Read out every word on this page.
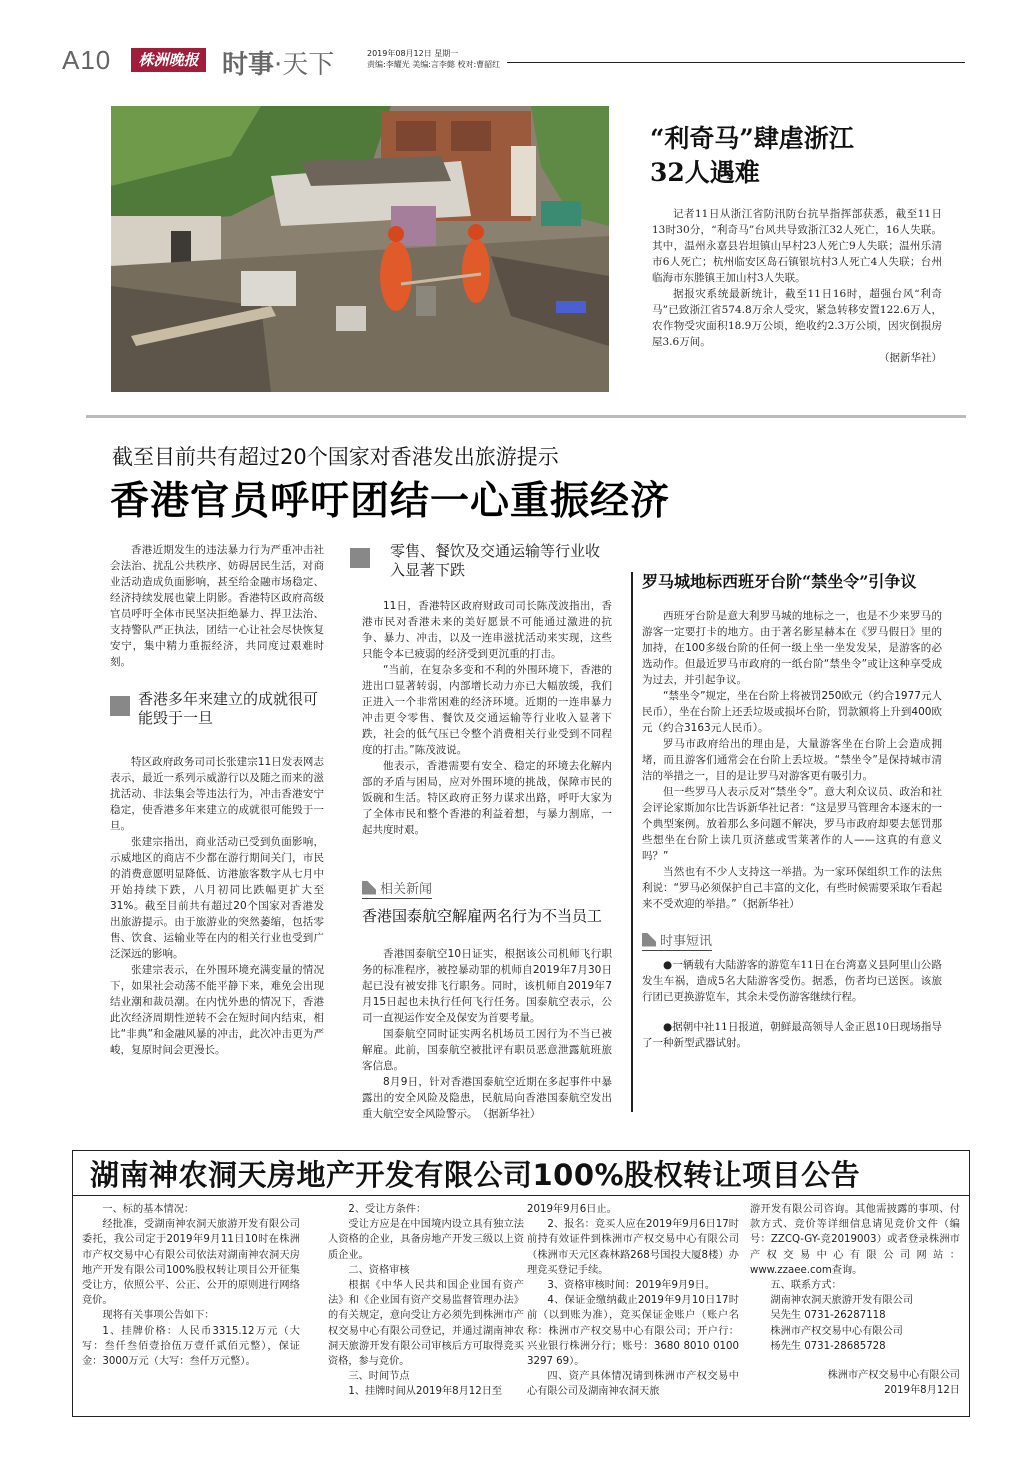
A10	株洲晚报 时事·天下	2019年08月12日 星期一
责编:李耀光 美编:言李懿 校对:曹韶红
“利奇马”肆虐浙江
32人遇难

记者11日从浙江省防汛防台抗旱指挥部获悉，截至11日13时30分，“利奇马”台风共导致浙江32人死亡，16人失联。其中，温州永嘉县岩坦镇山早村23人死亡9人失联；温州乐清市6人死亡；杭州临安区岛石镇银坑村3人死亡4人失联；台州临海市东塍镇王加山村3人失联。

据报灾系统最新统计，截至11日16时，超强台风“利奇马”已致浙江省574.8万余人受灾，紧急转移安置122.6万人，农作物受灾面积18.9万公顷，绝收约2.3万公顷，因灾倒损房屋3.6万间。

（据新华社）
截至目前共有超过20个国家对香港发出旅游提示
香港官员呼吁团结一心重振经济

香港近期发生的违法暴力行为严重冲击社会法治、扰乱公共秩序、妨碍居民生活，对商业活动造成负面影响，甚至给金融市场稳定、经济持续发展也蒙上阴影。香港特区政府高级官员呼吁全体市民坚决拒绝暴力、捍卫法治、支持警队严正执法，团结一心让社会尽快恢复安宁，集中精力重振经济，共同度过艰难时刻。

香港多年来建立的成就很可能毁于一旦

特区政府政务司司长张建宗11日发表网志表示，最近一系列示威游行以及随之而来的滋扰活动、非法集会等违法行为，冲击香港安宁稳定，使香港多年来建立的成就很可能毁于一旦。

张建宗指出，商业活动已受到负面影响，示威地区的商店不少都在游行期间关门，市民的消费意愿明显降低、访港旅客数字从七月中开始持续下跌，八月初同比跌幅更扩大至31%。截至目前共有超过20个国家对香港发出旅游提示。由于旅游业的突然萎缩，包括零售、饮食、运输业等在内的相关行业也受到广泛深远的影响。

张建宗表示，在外围环境充满变量的情况下，如果社会动荡不能平静下来，难免会出现结业潮和裁员潮。在内忧外患的情况下，香港此次经济周期性逆转不会在短时间内结束，相比“非典”和金融风暴的冲击，此次冲击更为严峻，复原时间会更漫长。

零售、餐饮及交通运输等行业收入显著下跌

11日，香港特区政府财政司司长陈茂波指出，香港市民对香港未来的美好愿景不可能通过激进的抗争、暴力、冲击，以及一连串滋扰活动来实现，这些只能令本已疲弱的经济受到更沉重的打击。

“当前，在复杂多变和不利的外围环境下，香港的进出口显著转弱，内部增长动力亦已大幅放缓，我们正进入一个非常困难的经济环境。近期的一连串暴力冲击更令零售、餐饮及交通运输等行业收入显著下跌，社会的低气压已令整个消费相关行业受到不同程度的打击。”陈茂波说。

他表示，香港需要有安全、稳定的环境去化解内部的矛盾与困局，应对外围环境的挑战，保障市民的饭碗和生活。特区政府正努力谋求出路，呼吁大家为了全体市民和整个香港的利益着想，与暴力割席，一起共度时艰。

相关新闻
香港国泰航空解雇两名行为不当员工

香港国泰航空10日证实，根据该公司机师飞行职务的标准程序，被控暴动罪的机师自2019年7月30日起已没有被安排飞行职务。同时，该机师自2019年7月15日起也未执行任何飞行任务。国泰航空表示，公司一直视运作安全及保安为首要考量。

国泰航空同时证实两名机场员工因行为不当已被解雇。此前，国泰航空被批评有职员恶意泄露航班旅客信息。

8月9日，针对香港国泰航空近期在多起事件中暴露出的安全风险及隐患，民航局向香港国泰航空发出重大航空安全风险警示。　（据新华社）

罗马城地标西班牙台阶“禁坐令”引争议

西班牙台阶是意大利罗马城的地标之一，也是不少来罗马的游客一定要打卡的地方。由于著名影星赫本在《罗马假日》里的加持，在100多级台阶的任何一级上坐一坐发发呆，是游客的必选动作。但最近罗马市政府的一纸台阶“禁坐令”或让这种享受成为过去，并引起争议。

“禁坐令”规定，坐在台阶上将被罚250欧元（约合1977元人民币），坐在台阶上还丢垃圾或损坏台阶，罚款额将上升到400欧元（约合3163元人民币）。

罗马市政府给出的理由是，大量游客坐在台阶上会造成拥堵，而且游客们通常会在台阶上丢垃圾。“禁坐令”是保持城市清洁的举措之一，目的是让罗马对游客更有吸引力。

但一些罗马人表示反对“禁坐令”。意大利众议员、政治和社会评论家斯加尔比告诉新华社记者：“这是罗马管理舍本逐末的一个典型案例。放着那么多问题不解决，罗马市政府却要去惩罚那些想坐在台阶上读几页济慈或雪莱著作的人——这真的有意义吗？”

当然也有不少人支持这一举措。为一家环保组织工作的法焦利说：“罗马必须保护自己丰富的文化，有些时候需要采取乍看起来不受欢迎的举措。”（据新华社）

时事短讯

●一辆载有大陆游客的游览车11日在台湾嘉义县阿里山公路发生车祸，造成5名大陆游客受伤。据悉，伤者均已送医。该旅行团已更换游览车，其余未受伤游客继续行程。

●据朝中社11日报道，朝鲜最高领导人金正恩10日现场指导了一种新型武器试射。

湖南神农洞天房地产开发有限公司100%股权转让项目公告

一、标的基本情况：

经批准，受湖南神农洞天旅游开发有限公司委托，我公司定于2019年9月11日10时在株洲市产权交易中心有限公司依法对湖南神农洞天房地产开发有限公司100%股权转让项目公开征集受让方，依照公平、公正、公开的原则进行网络竞价。

现将有关事项公告如下：

1、挂牌价格：人民币3315.12万元（大写：叁仟叁佰壹拾伍万壹仟贰佰元整），保证金：3000万元（大写：叁仟万元整）。

2、受让方条件：

受让方应是在中国境内设立具有独立法人资格的企业，具备房地产开发三级以上资质企业。

二、资格审核

根据《中华人民共和国企业国有资产法》和《企业国有资产交易监督管理办法》的有关规定，意向受让方必须先到株洲市产权交易中心有限公司登记，并通过湖南神农洞天旅游开发有限公司审核后方可取得竞买资格，参与竞价。

三、时间节点

1、挂牌时间从2019年8月12日至

2019年9月6日止。

2、报名：竞买人应在2019年9月6日17时前持有效证件到株洲市产权交易中心有限公司（株洲市天元区森林路268号国投大厦8楼）办理竞买登记手续。

3、资格审核时间：2019年9月9日。

4、保证金缴纳截止2019年9月10日17时前（以到账为准），竞买保证金账户（账户名称：株洲市产权交易中心有限公司；开户行：兴业银行株洲分行；账号：3680 8010 0100 3297 69）。

四、资产具体情况请到株洲市产权交易中心有限公司及湖南神农洞天旅

游开发有限公司咨询。其他需披露的事项、付款方式、竞价等详细信息请见竞价文件（编号：ZZCQ-GY-竞2019003）或者登录株洲市产权交易中心有限公司网站：www.zzaee.com查询。

五、联系方式：

湖南神农洞天旅游开发有限公司

吴先生 0731-26287118

株洲市产权交易中心有限公司

杨先生 0731-28685728

株洲市产权交易中心有限公司
2019年8月12日
